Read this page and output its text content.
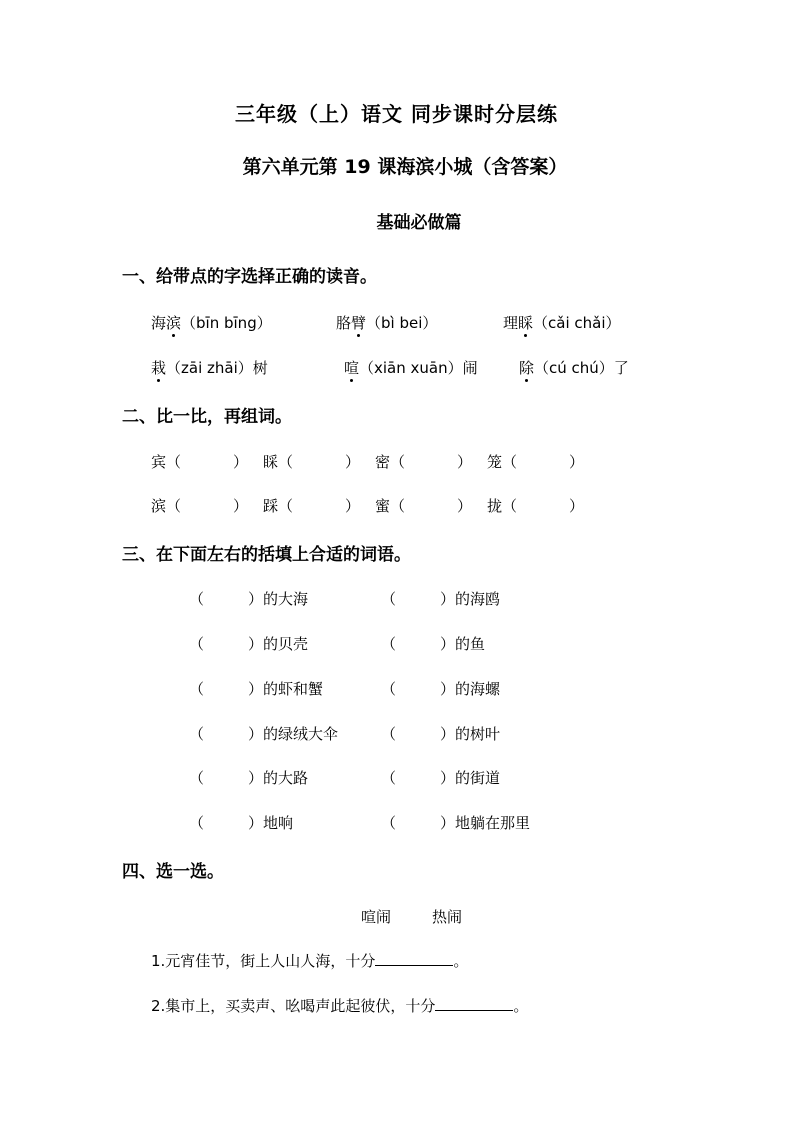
三年级（上）语文 同步课时分层练
第六单元第 19 课海滨小城（含答案）
基础必做篇
一、给带点的字选择正确的读音。
海滨（bīn bīng）	胳臂（bì bei）	理睬（cǎi chǎi）
栽（zāi zhāi）树	喧（xiān xuān）闹	除（cú chú）了
二、比一比，再组词。
宾（	） 睬（	） 密（	） 笼（	）
滨（	） 踩（	） 蜜（	） 拢（	）
三、在下面左右的括填上合适的词语。
（	）的大海	（	）的海鸥
（	）的贝壳	（	）的鱼
（	）的虾和蟹	（	）的海螺
（	）的绿绒大伞	（	）的树叶
（	）的大路	（	）的街道
（	）地响	（	）地躺在那里
四、选一选。
喧闹	热闹
1.元宵佳节，街上人山人海，十分	。
2.集市上，买卖声、吆喝声此起彼伏，十分	。
